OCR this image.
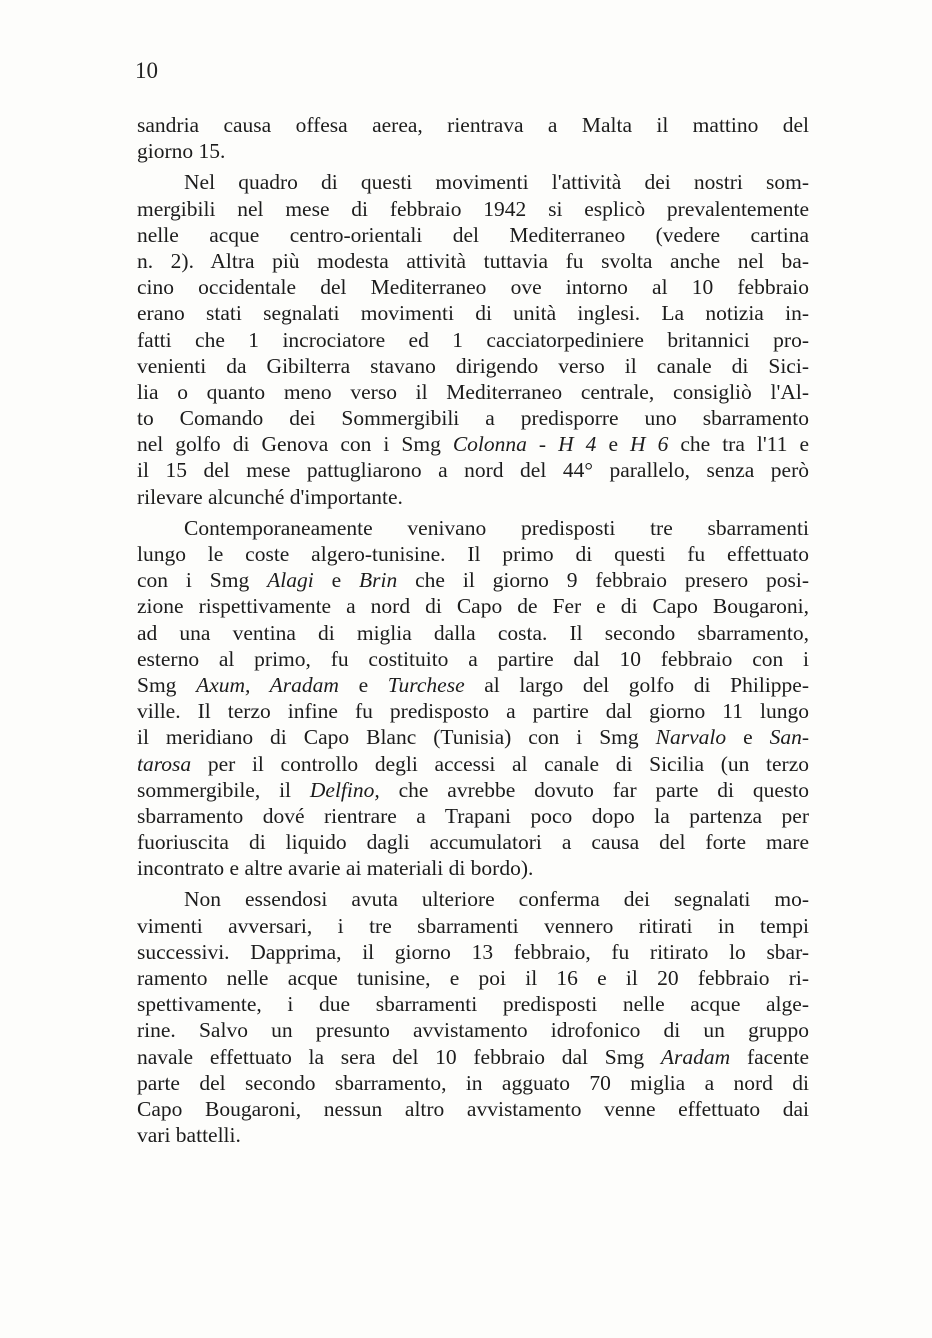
10
sandria causa offesa aerea, rientrava a Malta il mattino del
giorno 15.
Nel quadro di questi movimenti l'attività dei nostri som-
mergibili nel mese di febbraio 1942 si esplicò prevalentemente
nelle acque centro-orientali del Mediterraneo (vedere cartina
n. 2). Altra più modesta attività tuttavia fu svolta anche nel ba-
cino occidentale del Mediterraneo ove intorno al 10 febbraio
erano stati segnalati movimenti di unità inglesi. La notizia in-
fatti che 1 incrociatore ed 1 cacciatorpediniere britannici pro-
venienti da Gibilterra stavano dirigendo verso il canale di Sici-
lia o quanto meno verso il Mediterraneo centrale, consigliò l'Al-
to Comando dei Sommergibili a predisporre uno sbarramento
nel golfo di Genova con i Smg Colonna - H 4 e H 6 che tra l'11 e
il 15 del mese pattugliarono a nord del 44° parallelo, senza però
rilevare alcunché d'importante.
Contemporaneamente venivano predisposti tre sbarramenti
lungo le coste algero-tunisine. Il primo di questi fu effettuato
con i Smg Alagi e Brin che il giorno 9 febbraio presero posi-
zione rispettivamente a nord di Capo de Fer e di Capo Bougaroni,
ad una ventina di miglia dalla costa. Il secondo sbarramento,
esterno al primo, fu costituito a partire dal 10 febbraio con i
Smg Axum, Aradam e Turchese al largo del golfo di Philippe-
ville. Il terzo infine fu predisposto a partire dal giorno 11 lungo
il meridiano di Capo Blanc (Tunisia) con i Smg Narvalo e San-
tarosa per il controllo degli accessi al canale di Sicilia (un terzo
sommergibile, il Delfino, che avrebbe dovuto far parte di questo
sbarramento dové rientrare a Trapani poco dopo la partenza per
fuoriuscita di liquido dagli accumulatori a causa del forte mare
incontrato e altre avarie ai materiali di bordo).
Non essendosi avuta ulteriore conferma dei segnalati mo-
vimenti avversari, i tre sbarramenti vennero ritirati in tempi
successivi. Dapprima, il giorno 13 febbraio, fu ritirato lo sbar-
ramento nelle acque tunisine, e poi il 16 e il 20 febbraio ri-
spettivamente, i due sbarramenti predisposti nelle acque alge-
rine. Salvo un presunto avvistamento idrofonico di un gruppo
navale effettuato la sera del 10 febbraio dal Smg Aradam facente
parte del secondo sbarramento, in agguato 70 miglia a nord di
Capo Bougaroni, nessun altro avvistamento venne effettuato dai
vari battelli.
